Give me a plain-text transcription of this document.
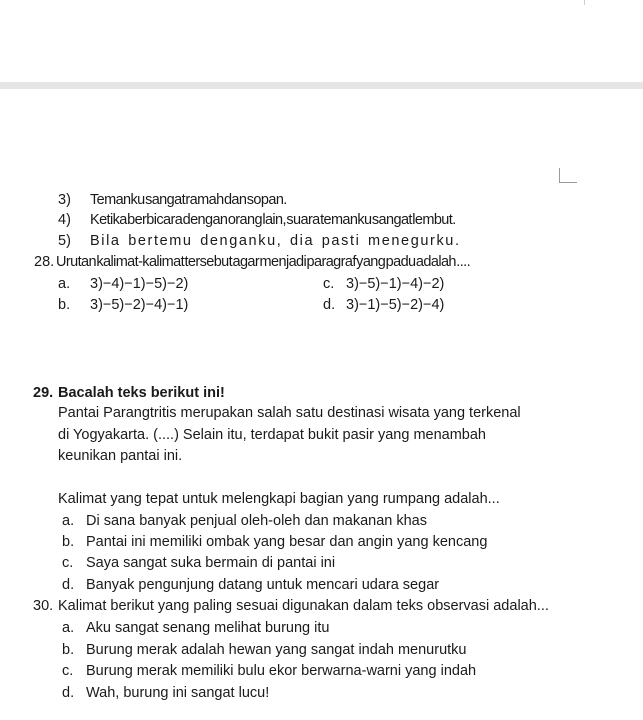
3) Temanku sangat ramah dan sopan.
4) Ketika berbicara dengan orang lain, suara temanku sangat lembut.
5) Bila bertemu denganku, dia pasti menegurku.
28. Urutan kalimat-kalimat tersebut agar menjadi paragraf yang padu adalah ....
a. 3)−4)−1)−5)−2)	c. 3)−5)−1)−4)−2)
b. 3)−5)−2)−4)−1)	d. 3)−1)−5)−2)−4)
29. Bacalah teks berikut ini!
Pantai Parangtritis merupakan salah satu destinasi wisata yang terkenal
di Yogyakarta. (....) Selain itu, terdapat bukit pasir yang menambah
keunikan pantai ini.
Kalimat yang tepat untuk melengkapi bagian yang rumpang adalah...
a. Di sana banyak penjual oleh-oleh dan makanan khas
b. Pantai ini memiliki ombak yang besar dan angin yang kencang
c. Saya sangat suka bermain di pantai ini
d. Banyak pengunjung datang untuk mencari udara segar
30. Kalimat berikut yang paling sesuai digunakan dalam teks observasi adalah...
a. Aku sangat senang melihat burung itu
b. Burung merak adalah hewan yang sangat indah menurutku
c. Burung merak memiliki bulu ekor berwarna-warni yang indah
d. Wah, burung ini sangat lucu!
